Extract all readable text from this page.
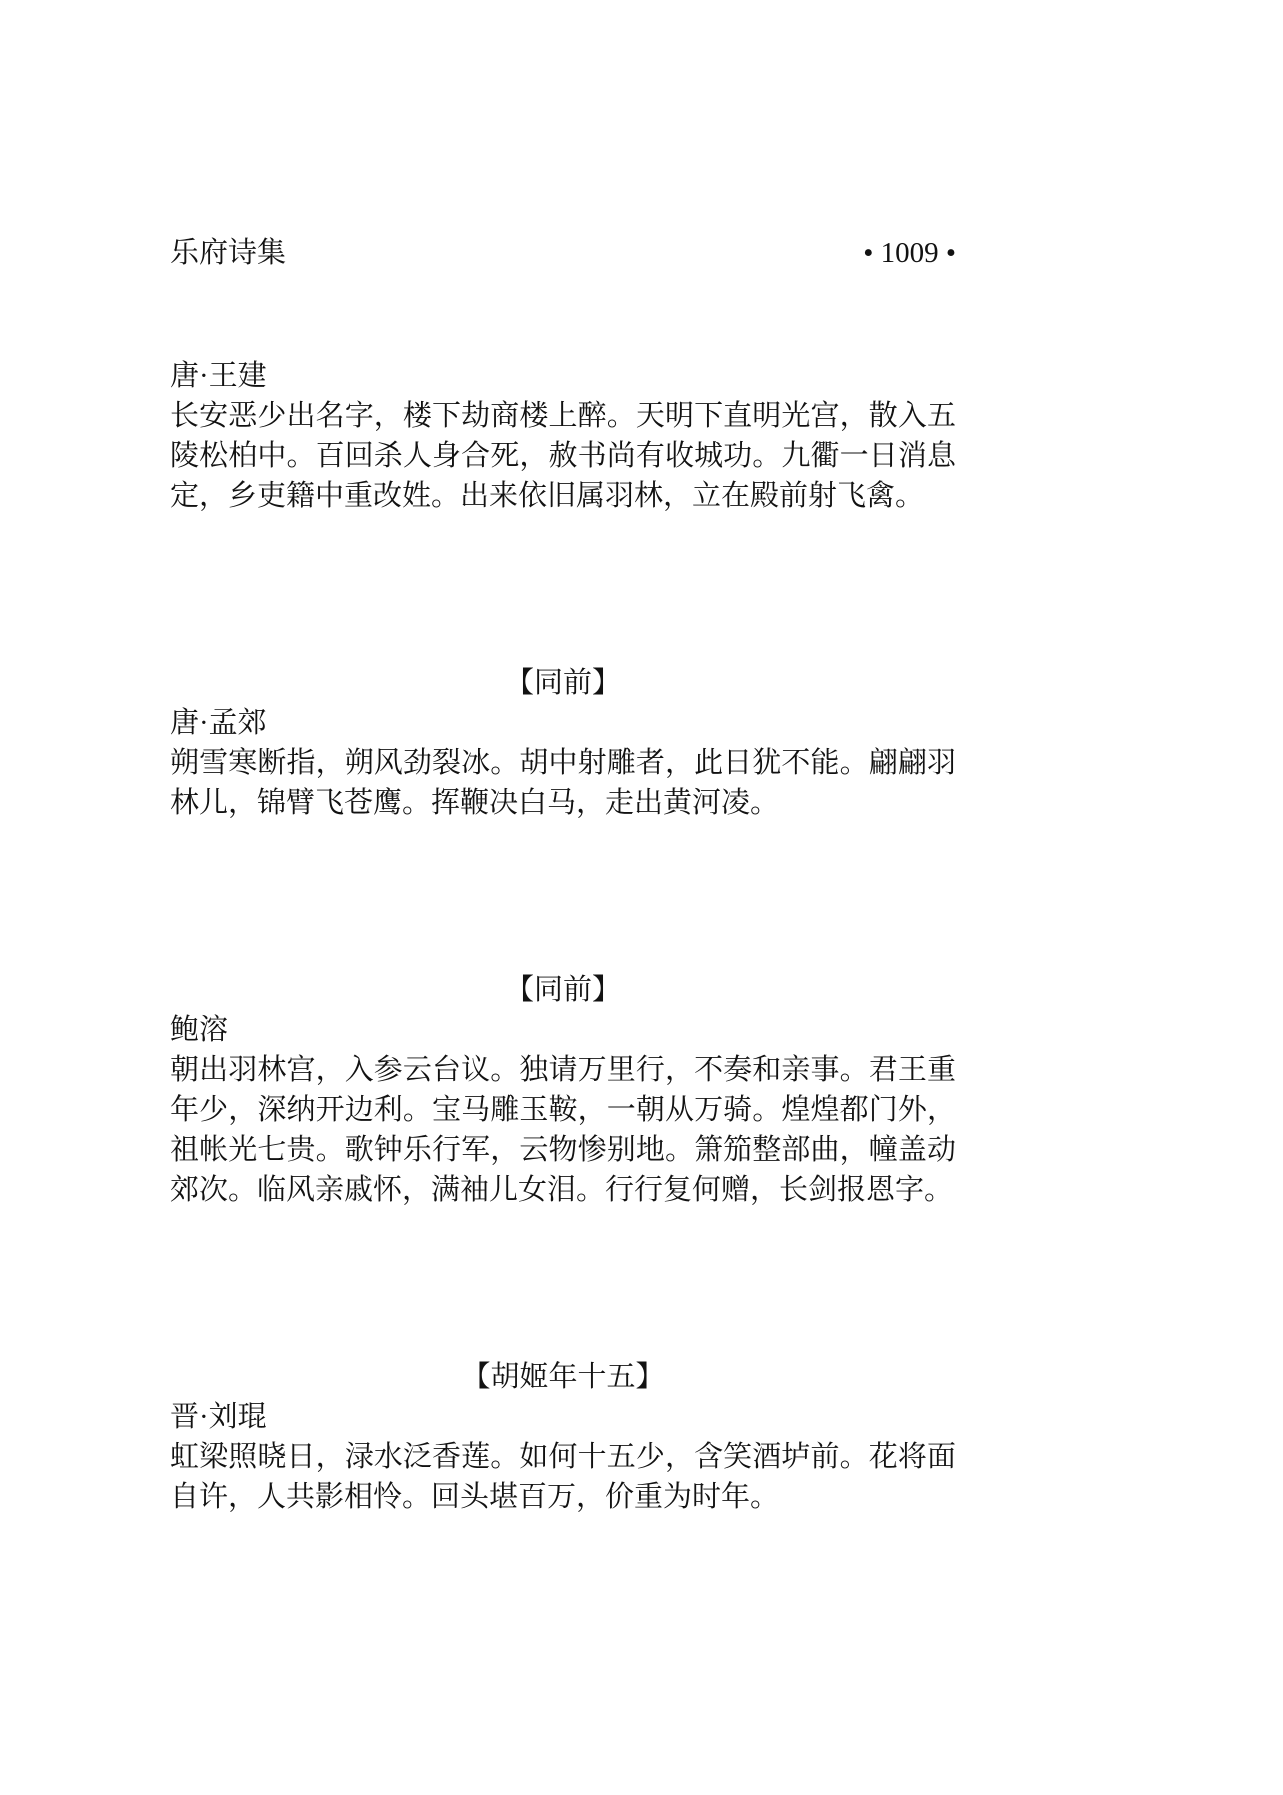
乐府诗集	• 1009 •
唐·王建
长安恶少出名字，楼下劫商楼上醉。天明下直明光宫，散入五
陵松柏中。百回杀人身合死，赦书尚有收城功。九衢一日消息
定，乡吏籍中重改姓。出来依旧属羽林，立在殿前射飞禽。
【同前】
唐·孟郊
朔雪寒断指，朔风劲裂冰。胡中射雕者，此日犹不能。翩翩羽
林儿，锦臂飞苍鹰。挥鞭决白马，走出黄河凌。
【同前】
鲍溶
朝出羽林宫，入参云台议。独请万里行，不奏和亲事。君王重
年少，深纳开边利。宝马雕玉鞍，一朝从万骑。煌煌都门外，
祖帐光七贵。歌钟乐行军，云物惨别地。箫笳整部曲，幢盖动
郊次。临风亲戚怀，满袖儿女泪。行行复何赠，长剑报恩字。
【胡姬年十五】
晋·刘琨
虹梁照晓日，渌水泛香莲。如何十五少，含笑酒垆前。花将面
自许，人共影相怜。回头堪百万，价重为时年。
